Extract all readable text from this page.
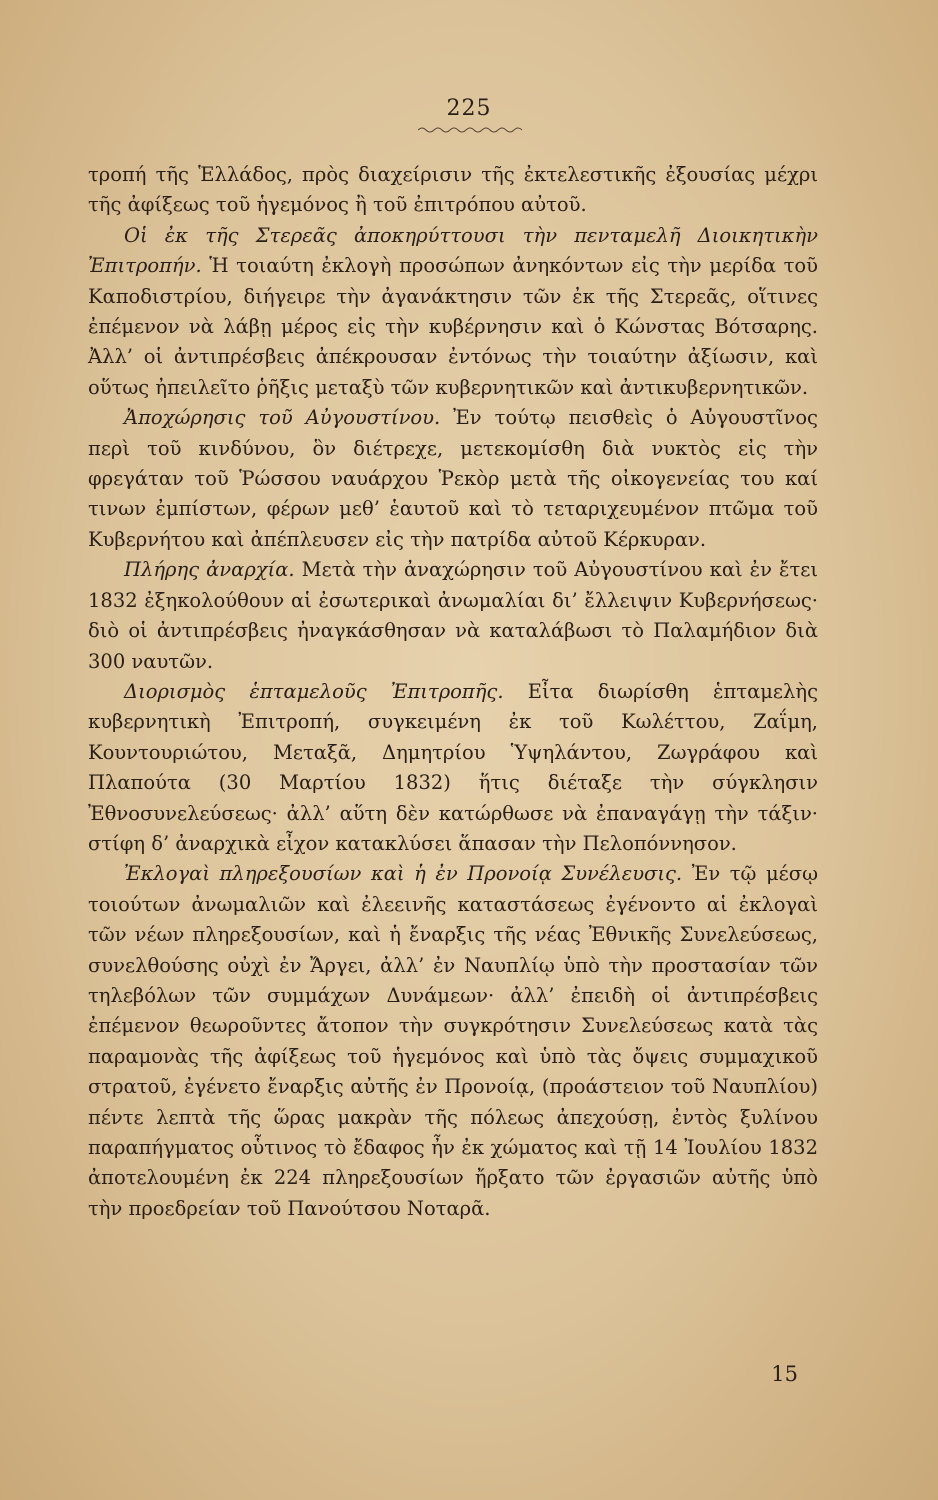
225

τροπή τῆς Ἑλλάδος, πρὸς διαχείρισιν τῆς ἐκτελεστικῆς ἐξουσίας μέχρι τῆς ἀφίξεως τοῦ ἡγεμόνος ἢ τοῦ ἐπιτρόπου αὐτοῦ.

Οἱ ἐκ τῆς Στερεᾶς ἀποκηρύττουσι τὴν πενταμελῆ Διοικητικὴν Ἐπιτροπήν. Ἡ τοιαύτη ἐκλογὴ προσώπων ἀνηκόντων εἰς τὴν μερίδα τοῦ Καποδιστρίου, διήγειρε τὴν ἀγανάκτησιν τῶν ἐκ τῆς Στερεᾶς, οἵτινες ἐπέμενον νὰ λάβῃ μέρος εἰς τὴν κυβέρνησιν καὶ ὁ Κώνστας Βότσαρης. Ἀλλ’ οἱ ἀντιπρέσβεις ἀπέκρουσαν ἐντόνως τὴν τοιαύτην ἀξίωσιν, καὶ οὕτως ἠπειλεῖτο ῥῆξις μεταξὺ τῶν κυβερνητικῶν καὶ ἀντικυβερνητικῶν.

Ἀποχώρησις τοῦ Αὐγουστίνου. Ἐν τούτῳ πεισθεὶς ὁ Αὐγουστῖνος περὶ τοῦ κινδύνου, ὃν διέτρεχε, μετεκομίσθη διὰ νυκτὸς εἰς τὴν φρεγάταν τοῦ Ῥώσσου ναυάρχου Ῥεκὸρ μετὰ τῆς οἰκογενείας του καί τινων ἐμπίστων, φέρων μεθ’ ἑαυτοῦ καὶ τὸ τεταριχευμένον πτῶμα τοῦ Κυβερνήτου καὶ ἀπέπλευσεν εἰς τὴν πατρίδα αὐτοῦ Κέρκυραν.

Πλήρης ἀναρχία. Μετὰ τὴν ἀναχώρησιν τοῦ Αὐγουστίνου καὶ ἐν ἔτει 1832 ἐξηκολούθουν αἱ ἐσωτερικαὶ ἀνωμαλίαι δι’ ἔλλειψιν Κυβερνήσεως· διὸ οἱ ἀντιπρέσβεις ἠναγκάσθησαν νὰ καταλάβωσι τὸ Παλαμήδιον διὰ 300 ναυτῶν.

Διορισμὸς ἑπταμελοῦς Ἐπιτροπῆς. Εἶτα διωρίσθη ἑπταμελὴς κυβερνητικὴ Ἐπιτροπή, συγκειμένη ἐκ τοῦ Κωλέττου, Ζαΐμη, Κουντουριώτου, Μεταξᾶ, Δημητρίου Ὑψηλάντου, Ζωγράφου καὶ Πλαπούτα (30 Μαρτίου 1832) ἥτις διέταξε τὴν σύγκλησιν Ἐθνοσυνελεύσεως· ἀλλ’ αὕτη δὲν κατώρθωσε νὰ ἐπαναγάγῃ τὴν τάξιν· στίφη δ’ ἀναρχικὰ εἶχον κατακλύσει ἅπασαν τὴν Πελοπόννησον.

Ἐκλογαὶ πληρεξουσίων καὶ ἡ ἐν Προνοίᾳ Συνέλευσις. Ἐν τῷ μέσῳ τοιούτων ἀνωμαλιῶν καὶ ἐλεεινῆς καταστάσεως ἐγένοντο αἱ ἐκλογαὶ τῶν νέων πληρεξουσίων, καὶ ἡ ἔναρξις τῆς νέας Ἐθνικῆς Συνελεύσεως, συνελθούσης οὐχὶ ἐν Ἄργει, ἀλλ’ ἐν Ναυπλίῳ ὑπὸ τὴν προστασίαν τῶν τηλεβόλων τῶν συμμάχων Δυνάμεων· ἀλλ’ ἐπειδὴ οἱ ἀντιπρέσβεις ἐπέμενον θεωροῦντες ἄτοπον τὴν συγκρότησιν Συνελεύσεως κατὰ τὰς παραμονὰς τῆς ἀφίξεως τοῦ ἡγεμόνος καὶ ὑπὸ τὰς ὄψεις συμμαχικοῦ στρατοῦ, ἐγένετο ἔναρξις αὐτῆς ἐν Προνοίᾳ, (προάστειον τοῦ Ναυπλίου) πέντε λεπτὰ τῆς ὥρας μακρὰν τῆς πόλεως ἀπεχούσῃ, ἐντὸς ξυλίνου παραπήγματος οὗτινος τὸ ἔδαφος ἦν ἐκ χώματος καὶ τῇ 14 Ἰουλίου 1832 ἀποτελουμένη ἐκ 224 πληρεξουσίων ἤρξατο τῶν ἐργασιῶν αὐτῆς ὑπὸ τὴν προεδρείαν τοῦ Πανούτσου Νοταρᾶ.

15
